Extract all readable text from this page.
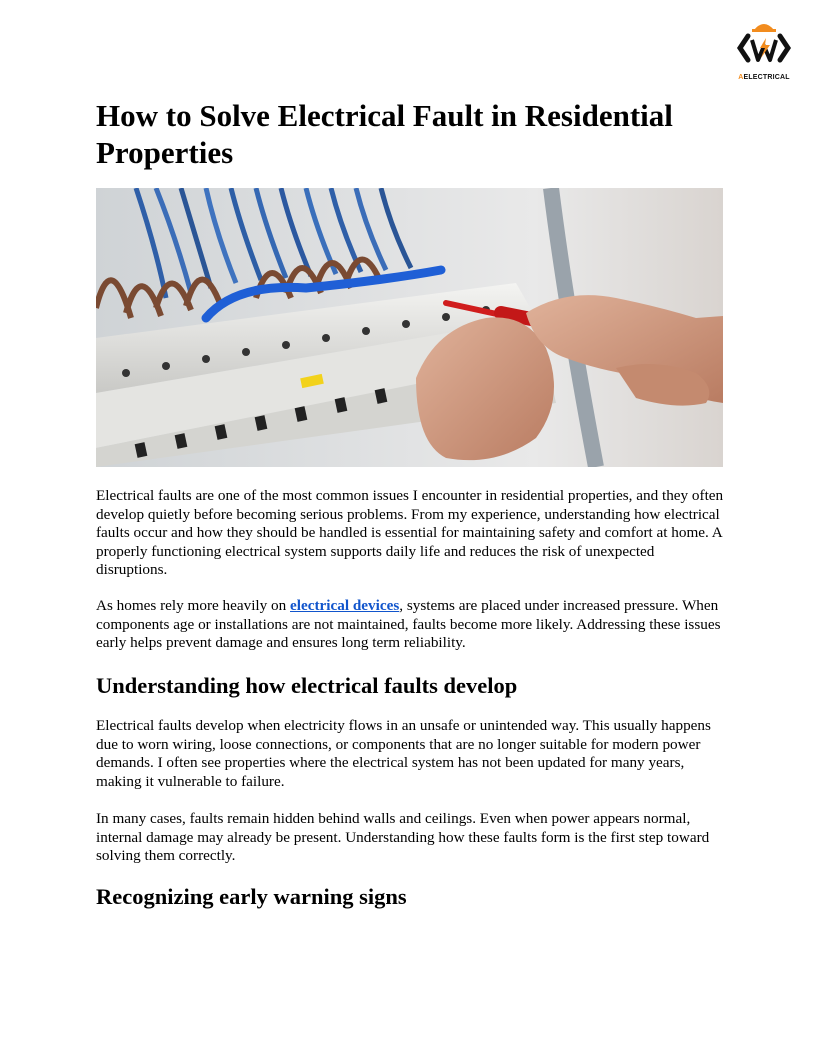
AELECTRICAL
How to Solve Electrical Fault in Residential Properties

Electrical faults are one of the most common issues I encounter in residential properties, and they often develop quietly before becoming serious problems. From my experience, understanding how electrical faults occur and how they should be handled is essential for maintaining safety and comfort at home. A properly functioning electrical system supports daily life and reduces the risk of unexpected disruptions.

As homes rely more heavily on electrical devices, systems are placed under increased pressure. When components age or installations are not maintained, faults become more likely. Addressing these issues early helps prevent damage and ensures long term reliability.

Understanding how electrical faults develop

Electrical faults develop when electricity flows in an unsafe or unintended way. This usually happens due to worn wiring, loose connections, or components that are no longer suitable for modern power demands. I often see properties where the electrical system has not been updated for many years, making it vulnerable to failure.

In many cases, faults remain hidden behind walls and ceilings. Even when power appears normal, internal damage may already be present. Understanding how these faults form is the first step toward solving them correctly.

Recognizing early warning signs
